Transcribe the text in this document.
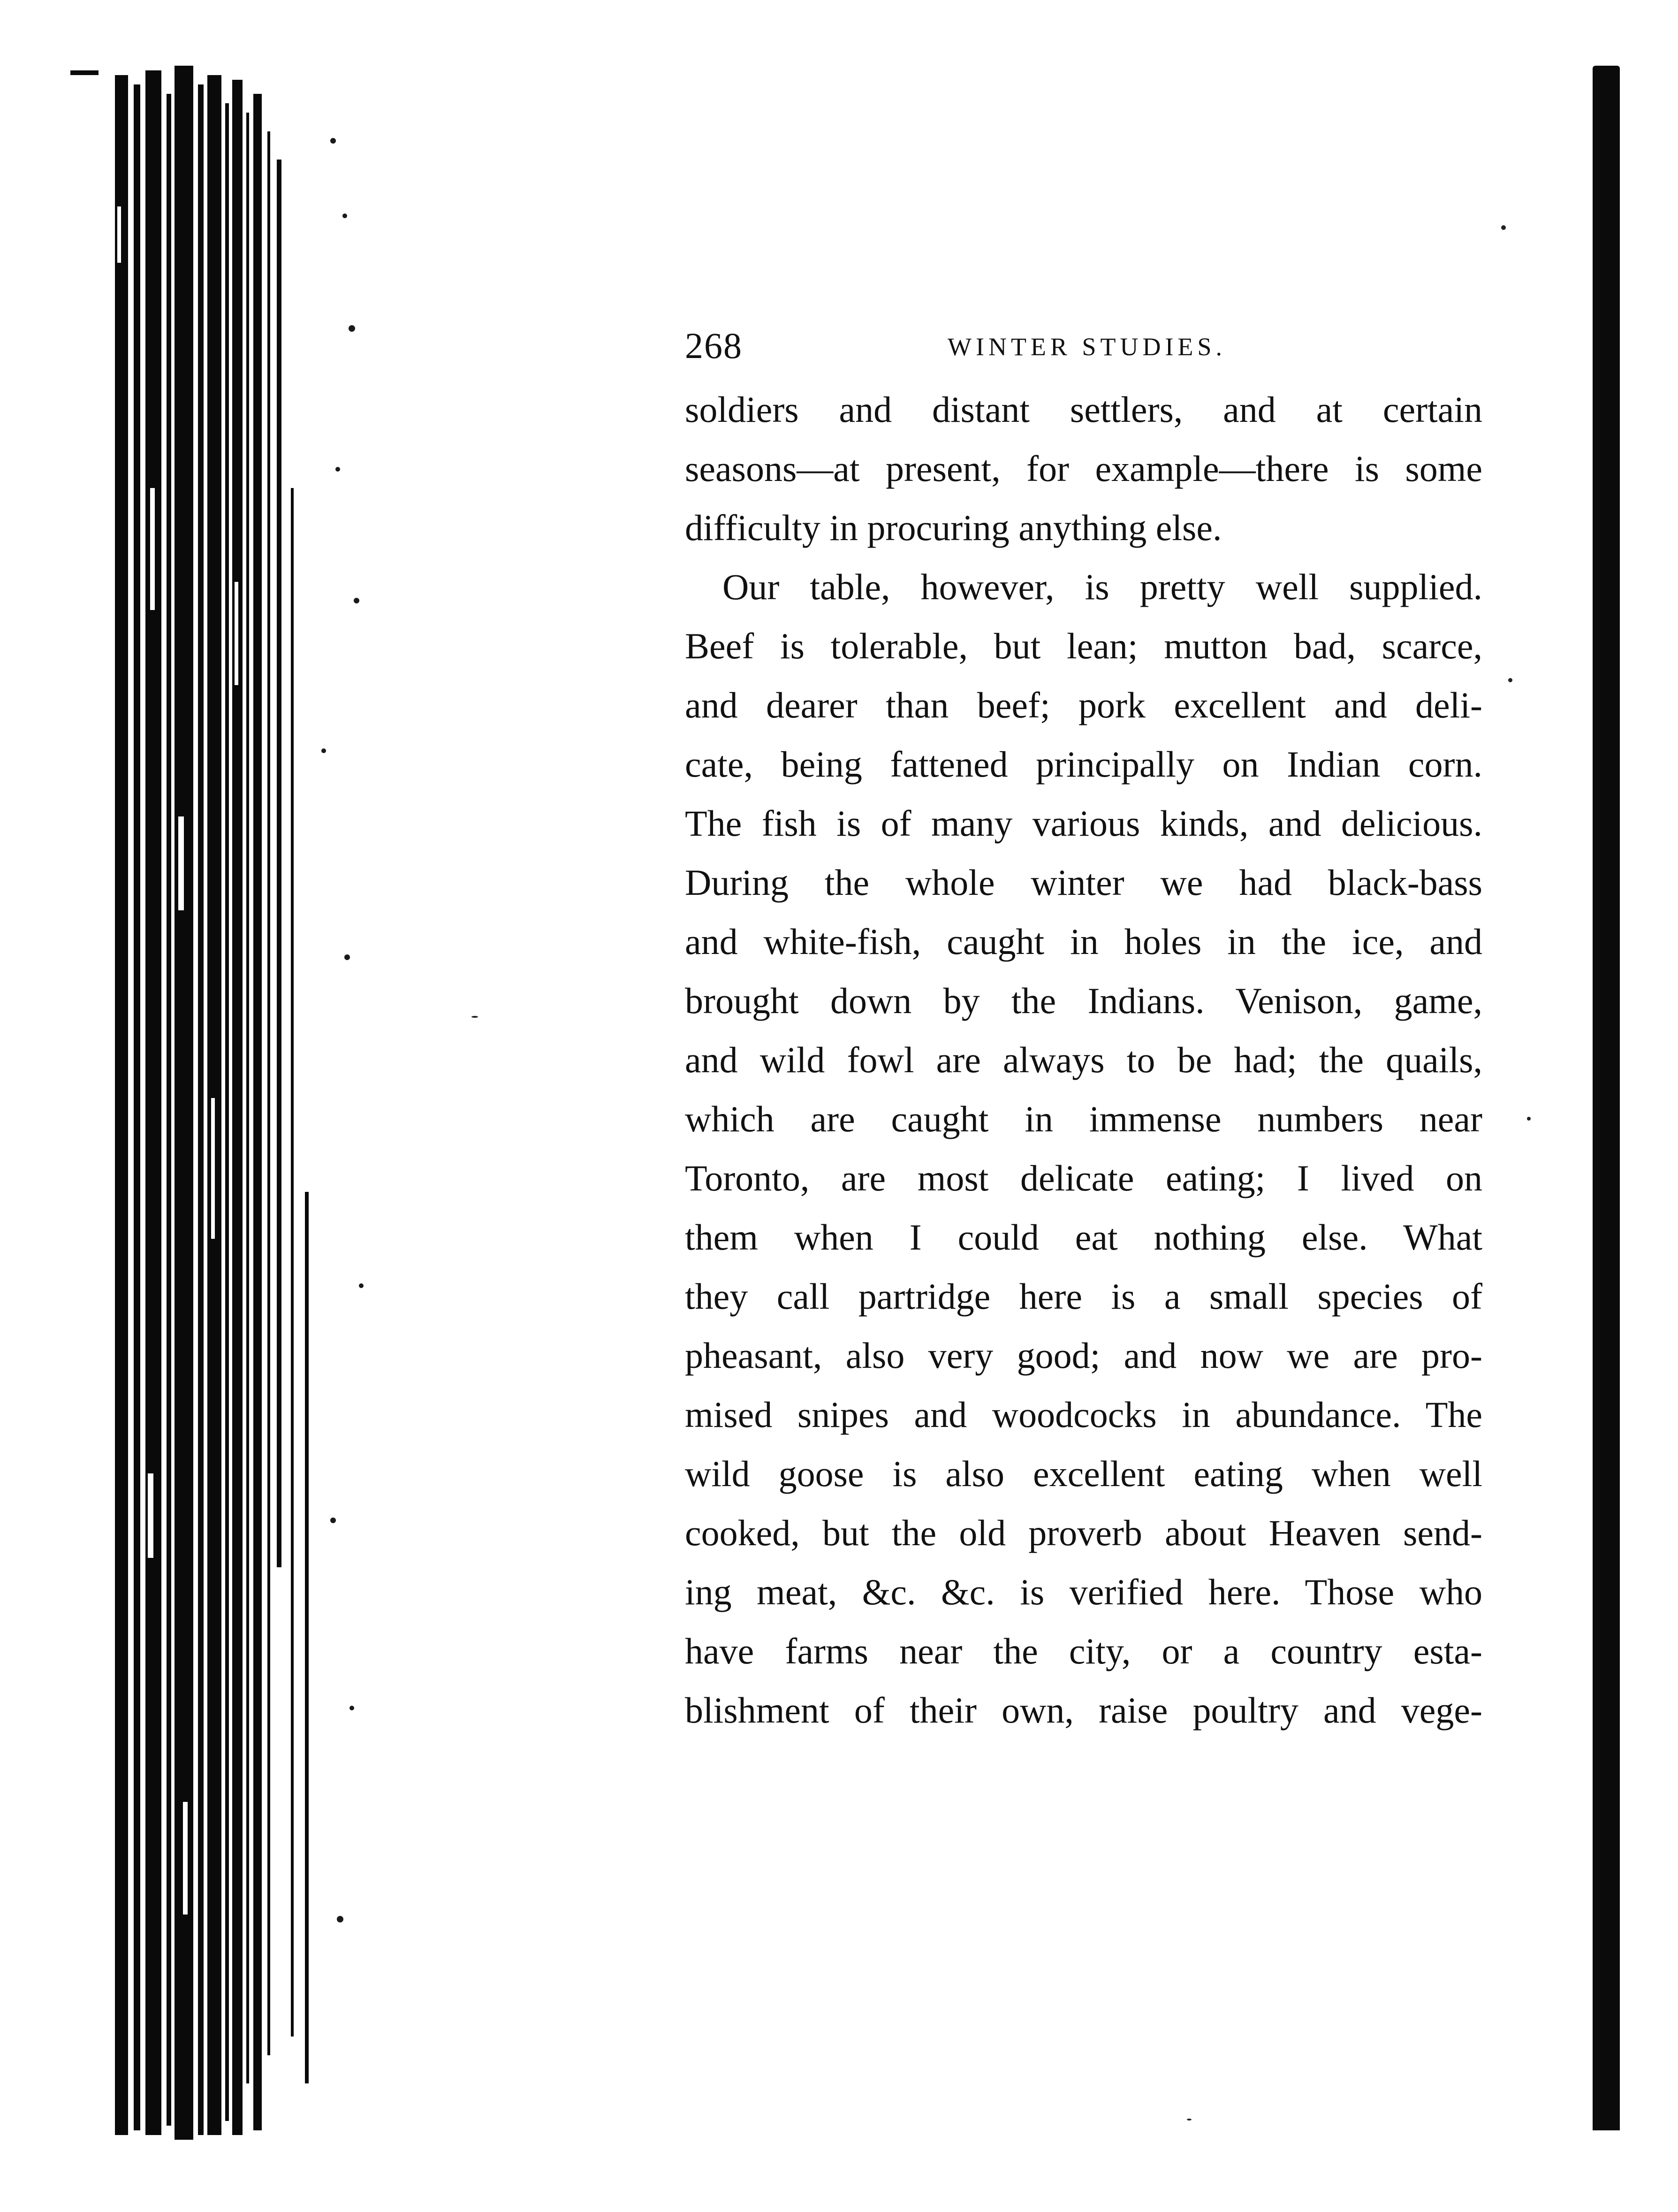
268	WINTER STUDIES.
soldiers and distant settlers, and at certain
seasons—at present, for example—there is some
difficulty in procuring anything else.
Our table, however, is pretty well supplied.
Beef is tolerable, but lean; mutton bad, scarce,
and dearer than beef; pork excellent and deli-
cate, being fattened principally on Indian corn.
The fish is of many various kinds, and delicious.
During the whole winter we had black-bass
and white-fish, caught in holes in the ice, and
brought down by the Indians. Venison, game,
and wild fowl are always to be had; the quails,
which are caught in immense numbers near
Toronto, are most delicate eating; I lived on
them when I could eat nothing else. What
they call partridge here is a small species of
pheasant, also very good; and now we are pro-
mised snipes and woodcocks in abundance. The
wild goose is also excellent eating when well
cooked, but the old proverb about Heaven send-
ing meat, &c. &c. is verified here. Those who
have farms near the city, or a country esta-
blishment of their own, raise poultry and vege-
